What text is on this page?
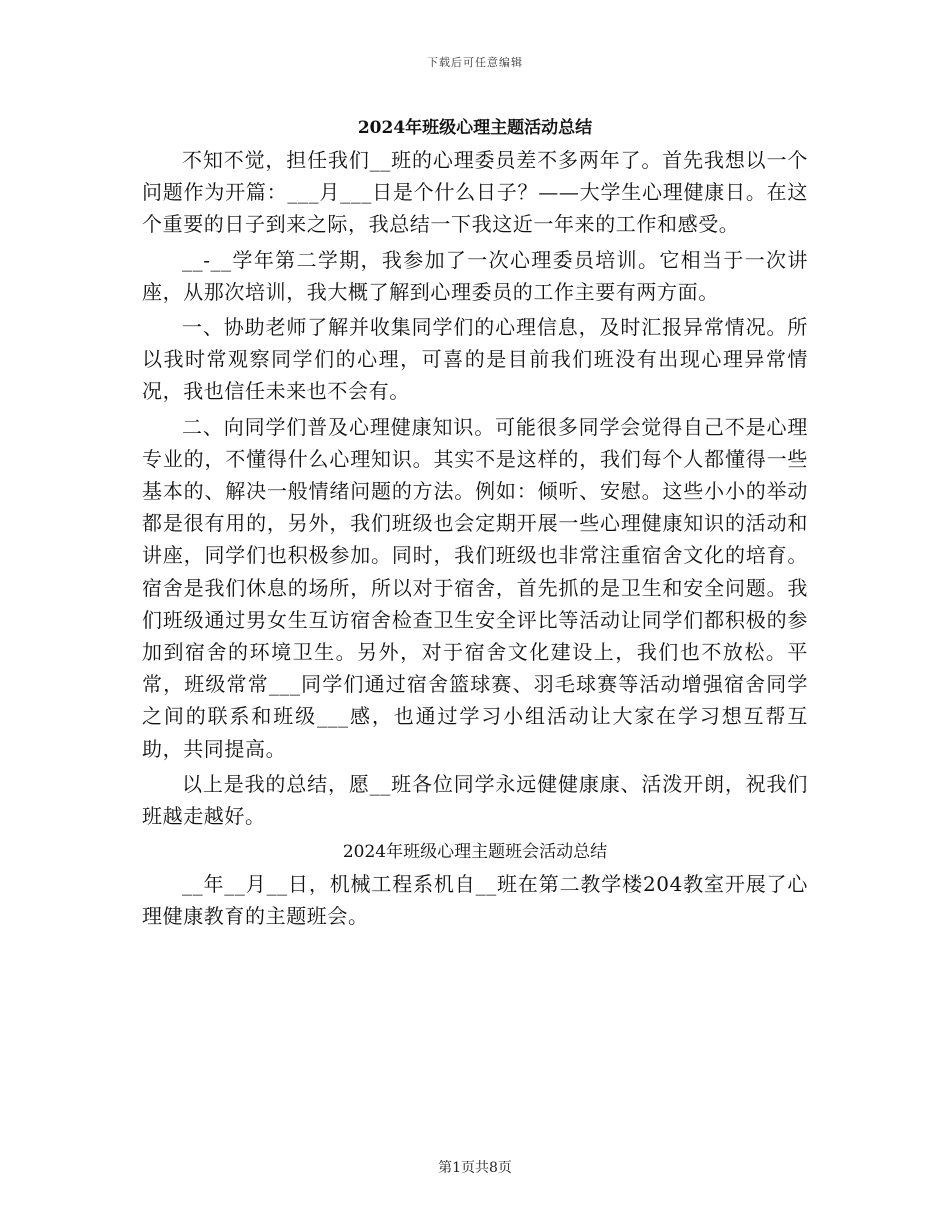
下载后可任意编辑
2024年班级心理主题活动总结

不知不觉，担任我们__班的心理委员差不多两年了。首先我想以一个问题作为开篇：___月___日是个什么日子？——大学生心理健康日。在这个重要的日子到来之际，我总结一下我这近一年来的工作和感受。

__-__学年第二学期，我参加了一次心理委员培训。它相当于一次讲座，从那次培训，我大概了解到心理委员的工作主要有两方面。

一、协助老师了解并收集同学们的心理信息，及时汇报异常情况。所以我时常观察同学们的心理，可喜的是目前我们班没有出现心理异常情况，我也信任未来也不会有。

二、向同学们普及心理健康知识。可能很多同学会觉得自己不是心理专业的，不懂得什么心理知识。其实不是这样的，我们每个人都懂得一些基本的、解决一般情绪问题的方法。例如：倾听、安慰。这些小小的举动都是很有用的，另外，我们班级也会定期开展一些心理健康知识的活动和讲座，同学们也积极参加。同时，我们班级也非常注重宿舍文化的培育。宿舍是我们休息的场所，所以对于宿舍，首先抓的是卫生和安全问题。我们班级通过男女生互访宿舍检查卫生安全评比等活动让同学们都积极的参加到宿舍的环境卫生。另外，对于宿舍文化建设上，我们也不放松。平常，班级常常___同学们通过宿舍篮球赛、羽毛球赛等活动增强宿舍同学之间的联系和班级___感，也通过学习小组活动让大家在学习想互帮互助，共同提高。

以上是我的总结，愿__班各位同学永远健健康康、活泼开朗，祝我们班越走越好。

2024年班级心理主题班会活动总结

__年__月__日，机械工程系机自__班在第二教学楼204教室开展了心理健康教育的主题班会。

第1页共8页
